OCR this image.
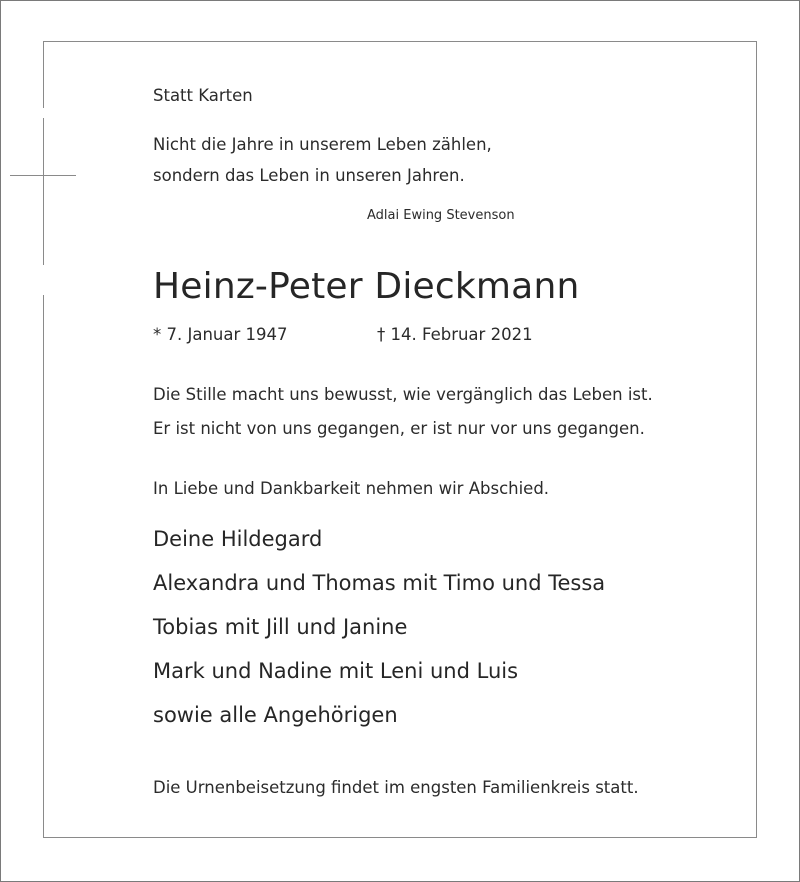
Statt Karten

Nicht die Jahre in unserem Leben zählen,

sondern das Leben in unseren Jahren.

Adlai Ewing Stevenson

Heinz-Peter Dieckmann

* 7. Januar 1947	† 14. Februar 2021

Die Stille macht uns bewusst, wie vergänglich das Leben ist.

Er ist nicht von uns gegangen, er ist nur vor uns gegangen.

In Liebe und Dankbarkeit nehmen wir Abschied.

Deine Hildegard

Alexandra und Thomas mit Timo und Tessa

Tobias mit Jill und Janine

Mark und Nadine mit Leni und Luis

sowie alle Angehörigen

Die Urnenbeisetzung findet im engsten Familienkreis statt.
